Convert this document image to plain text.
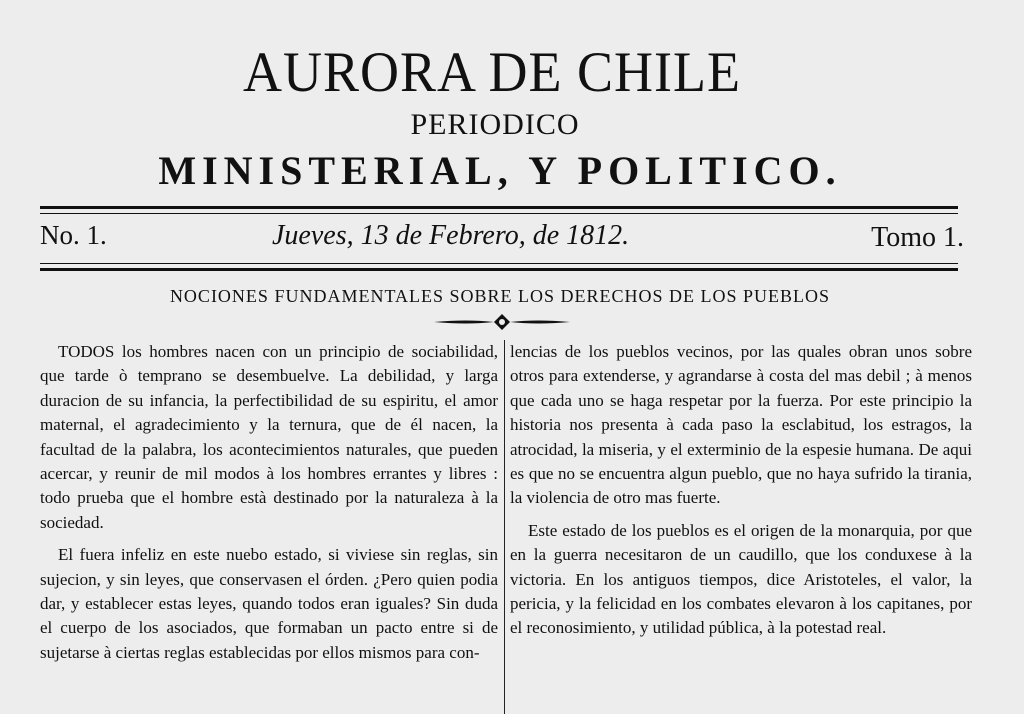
AURORA DE CHILE
PERIODICO
MINISTERIAL, Y POLITICO.
No. 1.	Jueves, 13 de Febrero, de 1812.	Tomo 1.
NOCIONES FUNDAMENTALES SOBRE LOS DERECHOS DE LOS PUEBLOS

TODOS los hombres nacen con un principio de sociabilidad, que tarde ò temprano se desembuelve. La debilidad, y larga duracion de su infancia, la perfectibilidad de su espiritu, el amor maternal, el agradecimiento y la ternura, que de él nacen, la facultad de la palabra, los acontecimientos naturales, que pueden acercar, y reunir de mil modos à los hombres errantes y libres : todo prueba que el hombre està destinado por la naturaleza à la sociedad.

El fuera infeliz en este nuebo estado, si viviese sin reglas, sin sujecion, y sin leyes, que conservasen el órden. ¿Pero quien podia dar, y establecer estas leyes, quando todos eran iguales? Sin duda el cuerpo de los asociados, que formaban un pacto entre si de sujetarse à ciertas reglas establecidas por ellos mismos para con-

lencias de los pueblos vecinos, por las quales obran unos sobre otros para extenderse, y agrandarse à costa del mas debil ; à menos que cada uno se haga respetar por la fuerza. Por este principio la historia nos presenta à cada paso la esclabitud, los estragos, la atrocidad, la miseria, y el exterminio de la espesie humana. De aqui es que no se encuentra algun pueblo, que no haya sufrido la tirania, la violencia de otro mas fuerte.

Este estado de los pueblos es el origen de la monarquia, por que en la guerra necesitaron de un caudillo, que los conduxese à la victoria. En los antiguos tiempos, dice Aristoteles, el valor, la pericia, y la felicidad en los combates elevaron à los capitanes, por el reconosimiento, y utilidad pública, à la potestad real.
